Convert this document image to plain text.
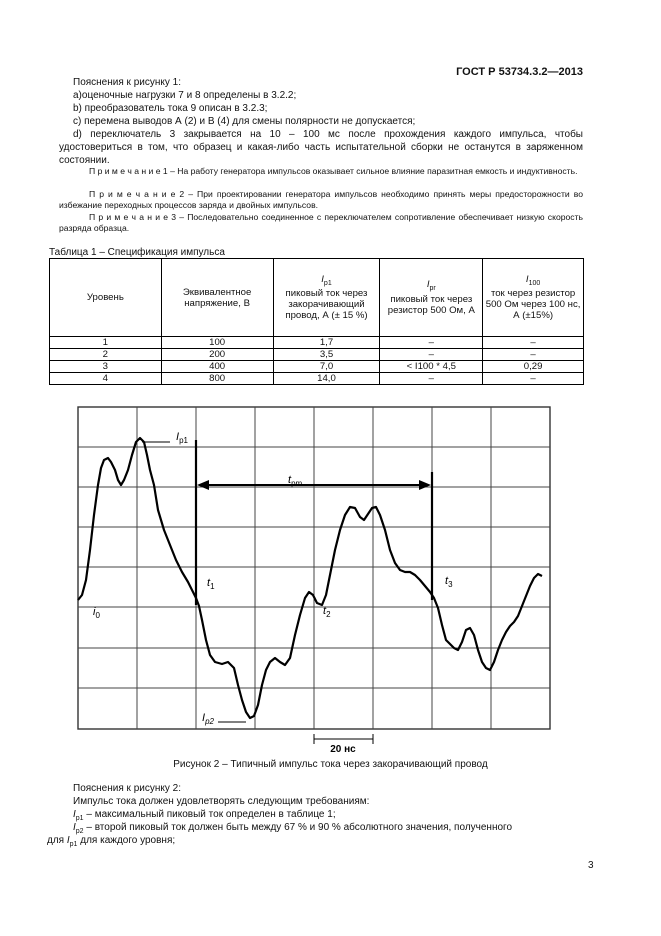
ГОСТ Р 53734.3.2—2013
Пояснения к рисунку 1:
а)оценочные нагрузки 7 и 8 определены в 3.2.2;
b) преобразователь тока 9 описан в 3.2.3;
с) перемена выводов А (2) и В (4) для смены полярности не допускается;
d) переключатель 3 закрывается на 10 – 100 мс после прохождения каждого импульса, чтобы удостовериться в том, что образец и какая-либо часть испытательной сборки не останутся в заряженном состоянии.
П р и м е ч а н и е 1 – На работу генератора импульсов оказывает сильное влияние паразитная емкость и индуктивность.
П р и м е ч а н и е 2 – При проектировании генератора импульсов необходимо принять меры предосторожности во избежание переходных процессов заряда и двойных импульсов.
П р и м е ч а н и е 3 – Последовательно соединенное с переключателем сопротивление обеспечивает низкую скорость разряда образца.
Таблица 1 – Спецификация импульса
Уровень	Эквивалентное напряжение, В	$I_{p1}$
пиковый ток через закорачивающий провод, А (± 15 %)	$I_{pr}$
пиковый ток через резистор 500 Ом, А	$I_{100}$
ток через резистор 500 Ом через 100 нс, А (±15%)
1	100	1,7	–	–
2	200	3,5	–	–
3	400	7,0	< I100 * 4,5	0,29
4	800	14,0	–	–
$I_{p1}$
$I_{p2}$
$t_{pm}$
$i_0$
$t_1$
$t_2$
$t_3$
20 нс
Рисунок 2 – Типичный импульс тока через закорачивающий провод
Пояснения к рисунку 2:
Импульс тока должен удовлетворять следующим требованиям:
$I_{p1}$ – максимальный пиковый ток определен в таблице 1;
$I_{p2}$ – второй пиковый ток должен быть между 67 % и 90 % абсолютного значения, полученного
для $I_{p1}$ для каждого уровня;
3
